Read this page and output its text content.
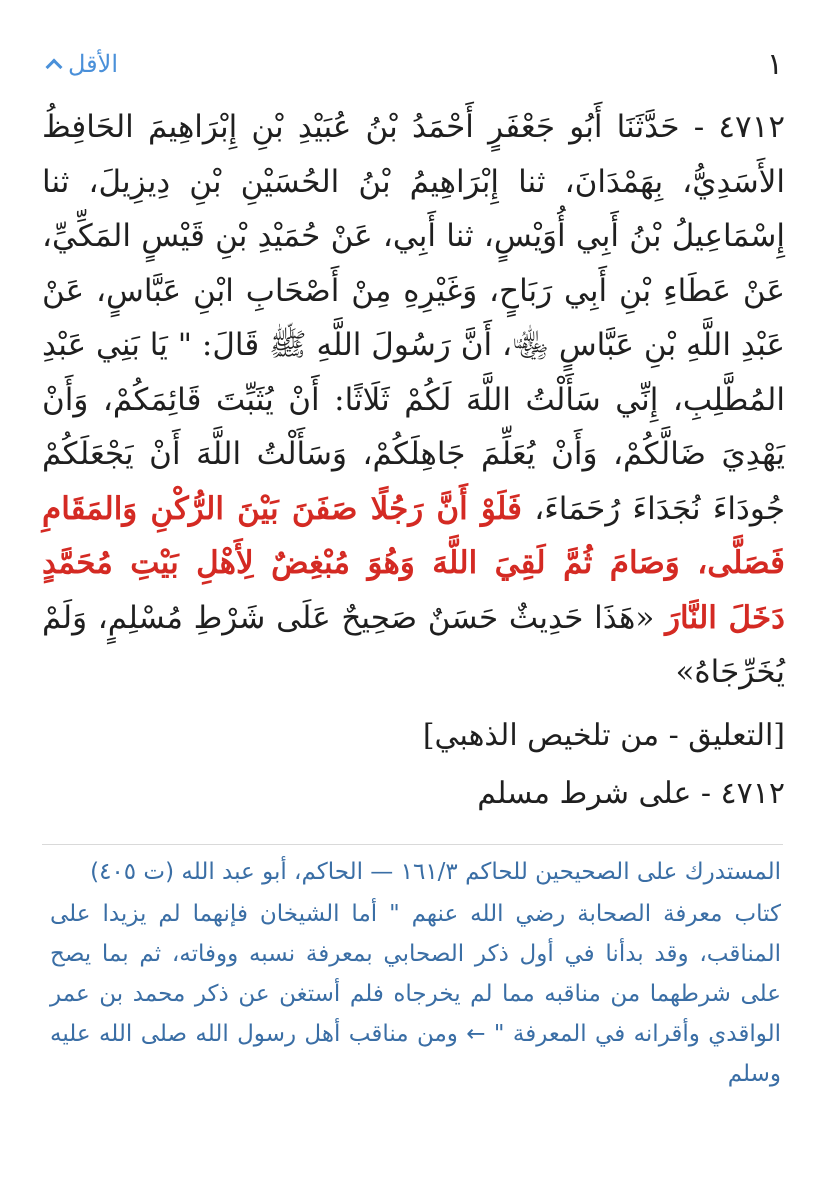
الأقل	١
٤٧١٢ - حَدَّثَنَا أَبُو جَعْفَرٍ أَحْمَدُ بْنُ عُبَيْدِ بْنِ إِبْرَاهِيمَ الحَافِظُ الأَسَدِيُّ، بِهَمْدَانَ، ثنا إِبْرَاهِيمُ بْنُ الحُسَيْنِ بْنِ دِيزِيلَ، ثنا إِسْمَاعِيلُ بْنُ أَبِي أُوَيْسٍ، ثنا أَبِي، عَنْ حُمَيْدِ بْنِ قَيْسٍ المَكِّيِّ، عَنْ عَطَاءِ بْنِ أَبِي رَبَاحٍ، وَغَيْرِهِ مِنْ أَصْحَابِ ابْنِ عَبَّاسٍ، عَنْ عَبْدِ اللَّهِ بْنِ عَبَّاسٍ ﵄، أَنَّ رَسُولَ اللَّهِ ﷺ قَالَ: " يَا بَنِي عَبْدِ المُطَّلِبِ، إِنِّي سَأَلْتُ اللَّهَ لَكُمْ ثَلَاثًا: أَنْ يُثَبِّتَ قَائِمَكُمْ، وَأَنْ يَهْدِيَ ضَالَّكُمْ، وَأَنْ يُعَلِّمَ جَاهِلَكُمْ، وَسَأَلْتُ اللَّهَ أَنْ يَجْعَلَكُمْ جُودَاءَ نُجَدَاءَ رُحَمَاءَ، فَلَوْ أَنَّ رَجُلًا صَفَنَ بَيْنَ الرُّكْنِ وَالمَقَامِ فَصَلَّى، وَصَامَ ثُمَّ لَقِيَ اللَّهَ وَهُوَ مُبْغِضٌ لِأَهْلِ بَيْتِ مُحَمَّدٍ دَخَلَ النَّارَ «هَذَا حَدِيثٌ حَسَنٌ صَحِيحٌ عَلَى شَرْطِ مُسْلِمٍ، وَلَمْ يُخَرِّجَاهُ»
[التعليق - من تلخيص الذهبي]
٤٧١٢ - على شرط مسلم
المستدرك على الصحيحين للحاكم ١٦١/٣ — الحاكم، أبو عبد الله (ت ٤٠٥)
كتاب معرفة الصحابة رضي الله عنهم " أما الشيخان فإنهما لم يزيدا على المناقب، وقد بدأنا في أول ذكر الصحابي بمعرفة نسبه ووفاته، ثم بما يصح على شرطهما من مناقبه مما لم يخرجاه فلم أستغن عن ذكر محمد بن عمر الواقدي وأقرانه في المعرفة " ← ومن مناقب أهل رسول الله صلى الله عليه وسلم
